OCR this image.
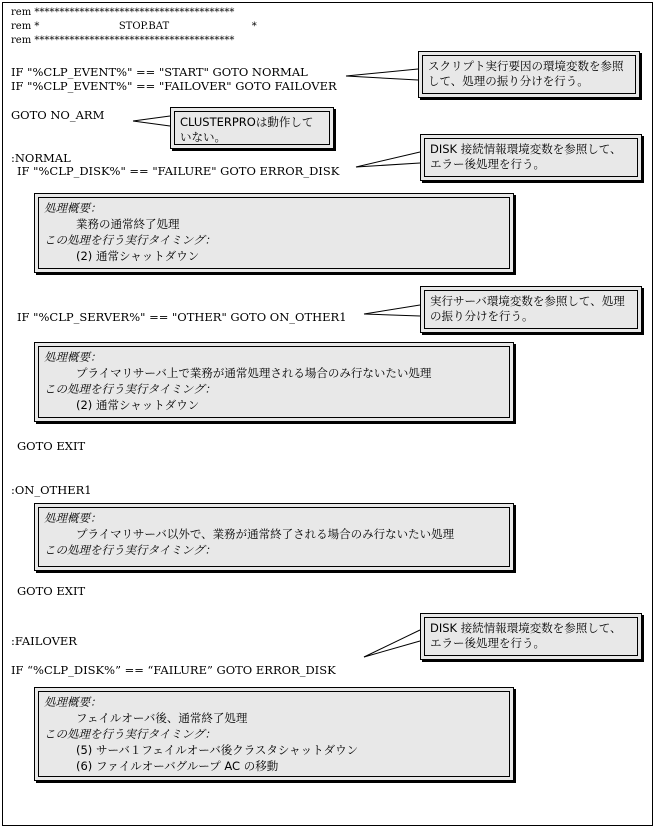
rem ****************************************
rem *                         STOP.BAT                          *
rem ****************************************
IF "%CLP_EVENT%" == "START" GOTO NORMAL
IF "%CLP_EVENT%" == "FAILOVER" GOTO FAILOVER
GOTO NO_ARM
:NORMAL
IF "%CLP_DISK%" == "FAILURE" GOTO ERROR_DISK
IF "%CLP_SERVER%" == "OTHER" GOTO ON_OTHER1
GOTO EXIT
:ON_OTHER1
GOTO EXIT
:FAILOVER
IF “%CLP_DISK%” == “FAILURE” GOTO ERROR_DISK
スクリプト実行要因の環境変数を参照して、処理の振り分けを行う。
CLUSTERPROは動作していない。
DISK 接続情報環境変数を参照して、エラー後処理を行う。
実行サーバ環境変数を参照して、処理の振り分けを行う。
DISK 接続情報環境変数を参照して、エラー後処理を行う。
処理概要：
業務の通常終了処理
この処理を行う実行タイミング：
(2) 通常シャットダウン
処理概要：
プライマリサーバ上で業務が通常処理される場合のみ行ないたい処理
この処理を行う実行タイミング：
(2) 通常シャットダウン
処理概要：
プライマリサーバ以外で、業務が通常終了される場合のみ行ないたい処理
この処理を行う実行タイミング：
処理概要：
フェイルオーバ後、通常終了処理
この処理を行う実行タイミング：
(5) サーバ１フェイルオーバ後クラスタシャットダウン
(6) ファイルオーバグループ AC の移動
